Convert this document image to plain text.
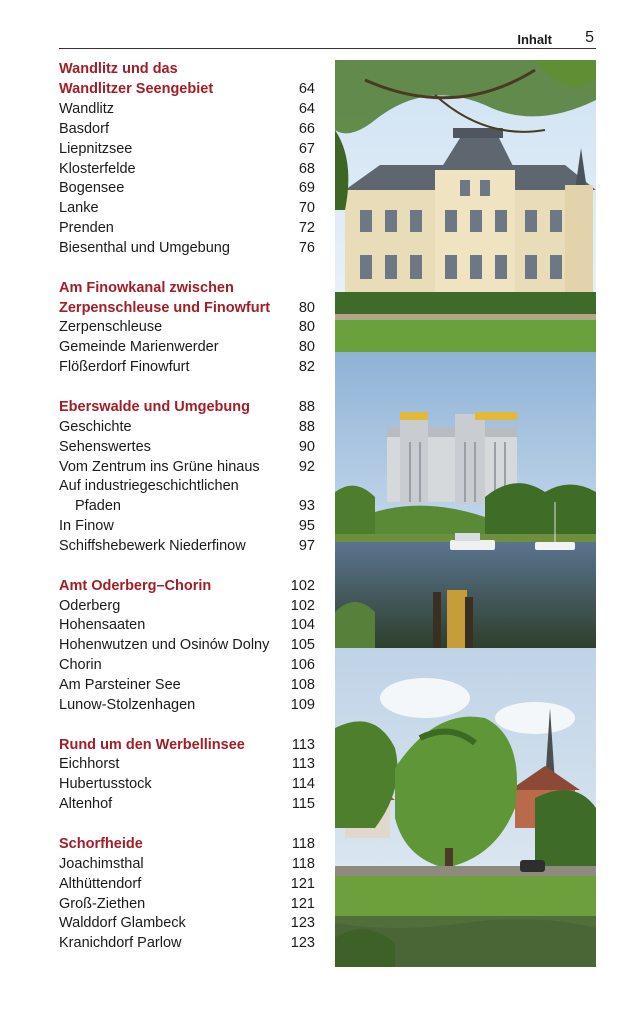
Inhalt 5
Wandlitz und das
Wandlitzer Seengebiet	64
Wandlitz	64
Basdorf	66
Liepnitzsee	67
Klosterfelde	68
Bogensee	69
Lanke	70
Prenden	72
Biesenthal und Umgebung	76
Am Finowkanal zwischen
Zerpenschleuse und Finowfurt	80
Zerpenschleuse	80
Gemeinde Marienwerder	80
Flößerdorf Finowfurt	82
Eberswalde und Umgebung	88
Geschichte	88
Sehenswertes	90
Vom Zentrum ins Grüne hinaus	92
Auf industriegeschichtlichen
Pfaden	93
In Finow	95
Schiffshebewerk Niederfinow	97
Amt Oderberg–Chorin	102
Oderberg	102
Hohensaaten	104
Hohenwutzen und Osinów Dolny 105
Chorin	106
Am Parsteiner See	108
Lunow-Stolzenhagen	109
Rund um den Werbellinsee	113
Eichhorst	113
Hubertusstock	114
Altenhof	115
Schorfheide	118
Joachimsthal	118
Althüttendorf	121
Groß-Ziethen	121
Walddorf Glambeck	123
Kranichdorf Parlow	123
